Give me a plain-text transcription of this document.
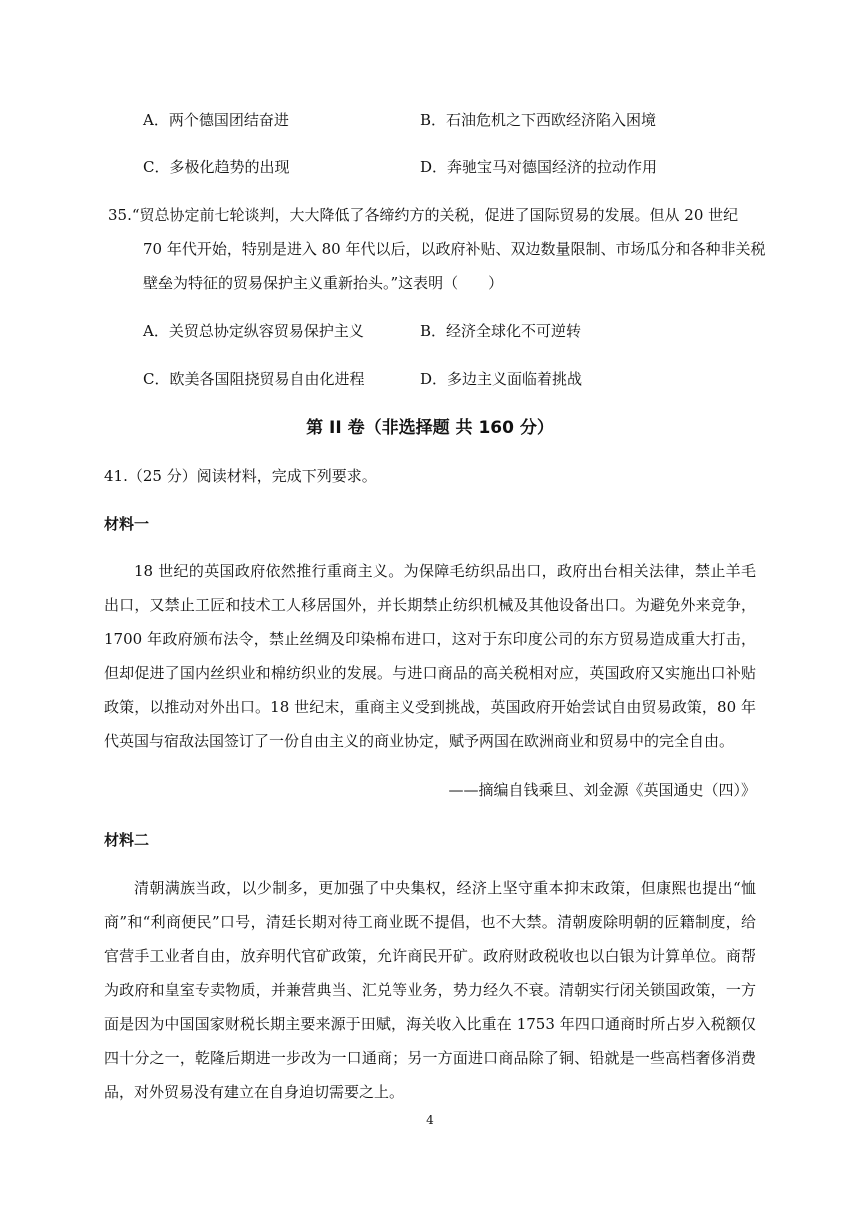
A．两个德国团结奋进	B．石油危机之下西欧经济陷入困境
C．多极化趋势的出现	D．奔驰宝马对德国经济的拉动作用
35.“贸总协定前七轮谈判，大大降低了各缔约方的关税，促进了国际贸易的发展。但从 20 世纪
70 年代开始，特别是进入 80 年代以后，以政府补贴、双边数量限制、市场瓜分和各种非关税
壁垒为特征的贸易保护主义重新抬头。”这表明（　　）
A．关贸总协定纵容贸易保护主义	B．经济全球化不可逆转
C．欧美各国阻挠贸易自由化进程	D．多边主义面临着挑战
第 II 卷（非选择题 共 160 分）
41.（25 分）阅读材料，完成下列要求。
材料一
18 世纪的英国政府依然推行重商主义。为保障毛纺织品出口，政府出台相关法律，禁止羊毛出口，又禁止工匠和技术工人移居国外，并长期禁止纺织机械及其他设备出口。为避免外来竞争，1700 年政府颁布法令，禁止丝绸及印染棉布进口，这对于东印度公司的东方贸易造成重大打击，但却促进了国内丝织业和棉纺织业的发展。与进口商品的高关税相对应，英国政府又实施出口补贴政策，以推动对外出口。18 世纪末，重商主义受到挑战，英国政府开始尝试自由贸易政策，80 年代英国与宿敌法国签订了一份自由主义的商业协定，赋予两国在欧洲商业和贸易中的完全自由。
——摘编自钱乘旦、刘金源《英国通史（四）》
材料二
清朝满族当政，以少制多，更加强了中央集权，经济上坚守重本抑末政策，但康熙也提出“恤商”和“利商便民”口号，清廷长期对待工商业既不提倡，也不大禁。清朝废除明朝的匠籍制度，给官营手工业者自由，放弃明代官矿政策，允许商民开矿。政府财政税收也以白银为计算单位。商帮为政府和皇室专卖物质，并兼营典当、汇兑等业务，势力经久不衰。清朝实行闭关锁国政策，一方面是因为中国国家财税长期主要来源于田赋，海关收入比重在 1753 年四口通商时所占岁入税额仅四十分之一，乾隆后期进一步改为一口通商；另一方面进口商品除了铜、铅就是一些高档奢侈消费品，对外贸易没有建立在自身迫切需要之上。
4
